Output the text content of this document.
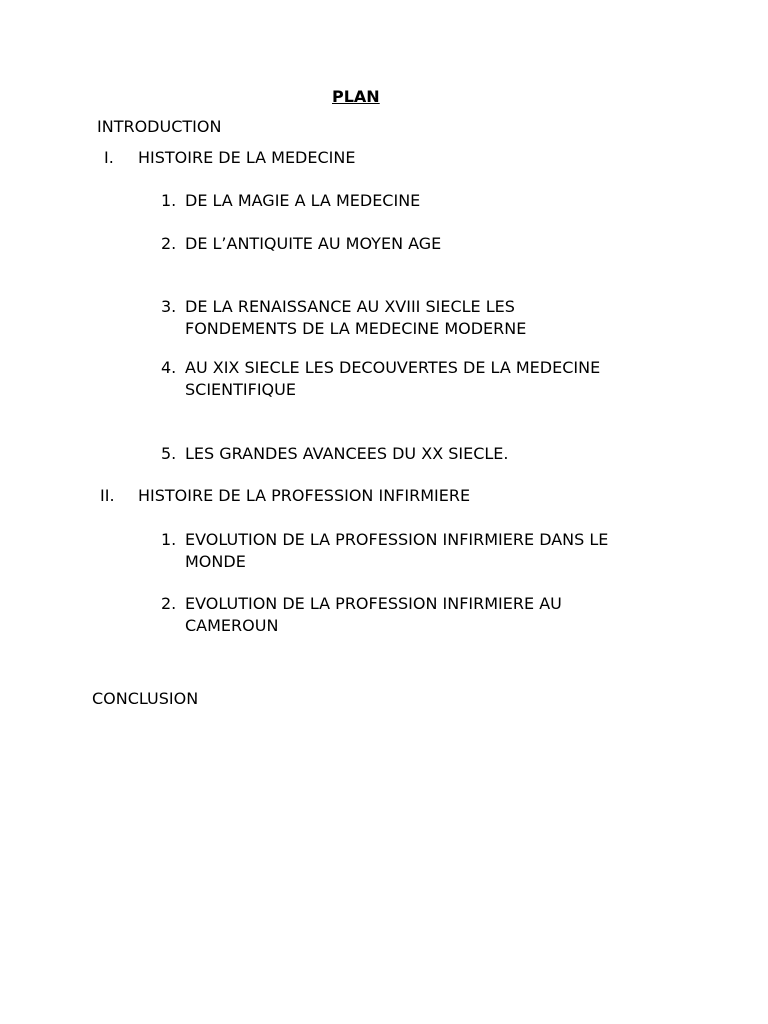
PLAN
INTRODUCTION
I. HISTOIRE DE LA MEDECINE
1. DE LA MAGIE A LA MEDECINE
2. DE L’ANTIQUITE AU MOYEN AGE
3. DE LA RENAISSANCE AU XVIII SIECLE LES
FONDEMENTS DE LA MEDECINE MODERNE
4. AU XIX SIECLE LES DECOUVERTES DE LA MEDECINE
SCIENTIFIQUE
5. LES GRANDES AVANCEES DU XX SIECLE.
II. HISTOIRE DE LA PROFESSION INFIRMIERE
1. EVOLUTION DE LA PROFESSION INFIRMIERE DANS LE
MONDE
2. EVOLUTION DE LA PROFESSION INFIRMIERE AU
CAMEROUN
CONCLUSION
